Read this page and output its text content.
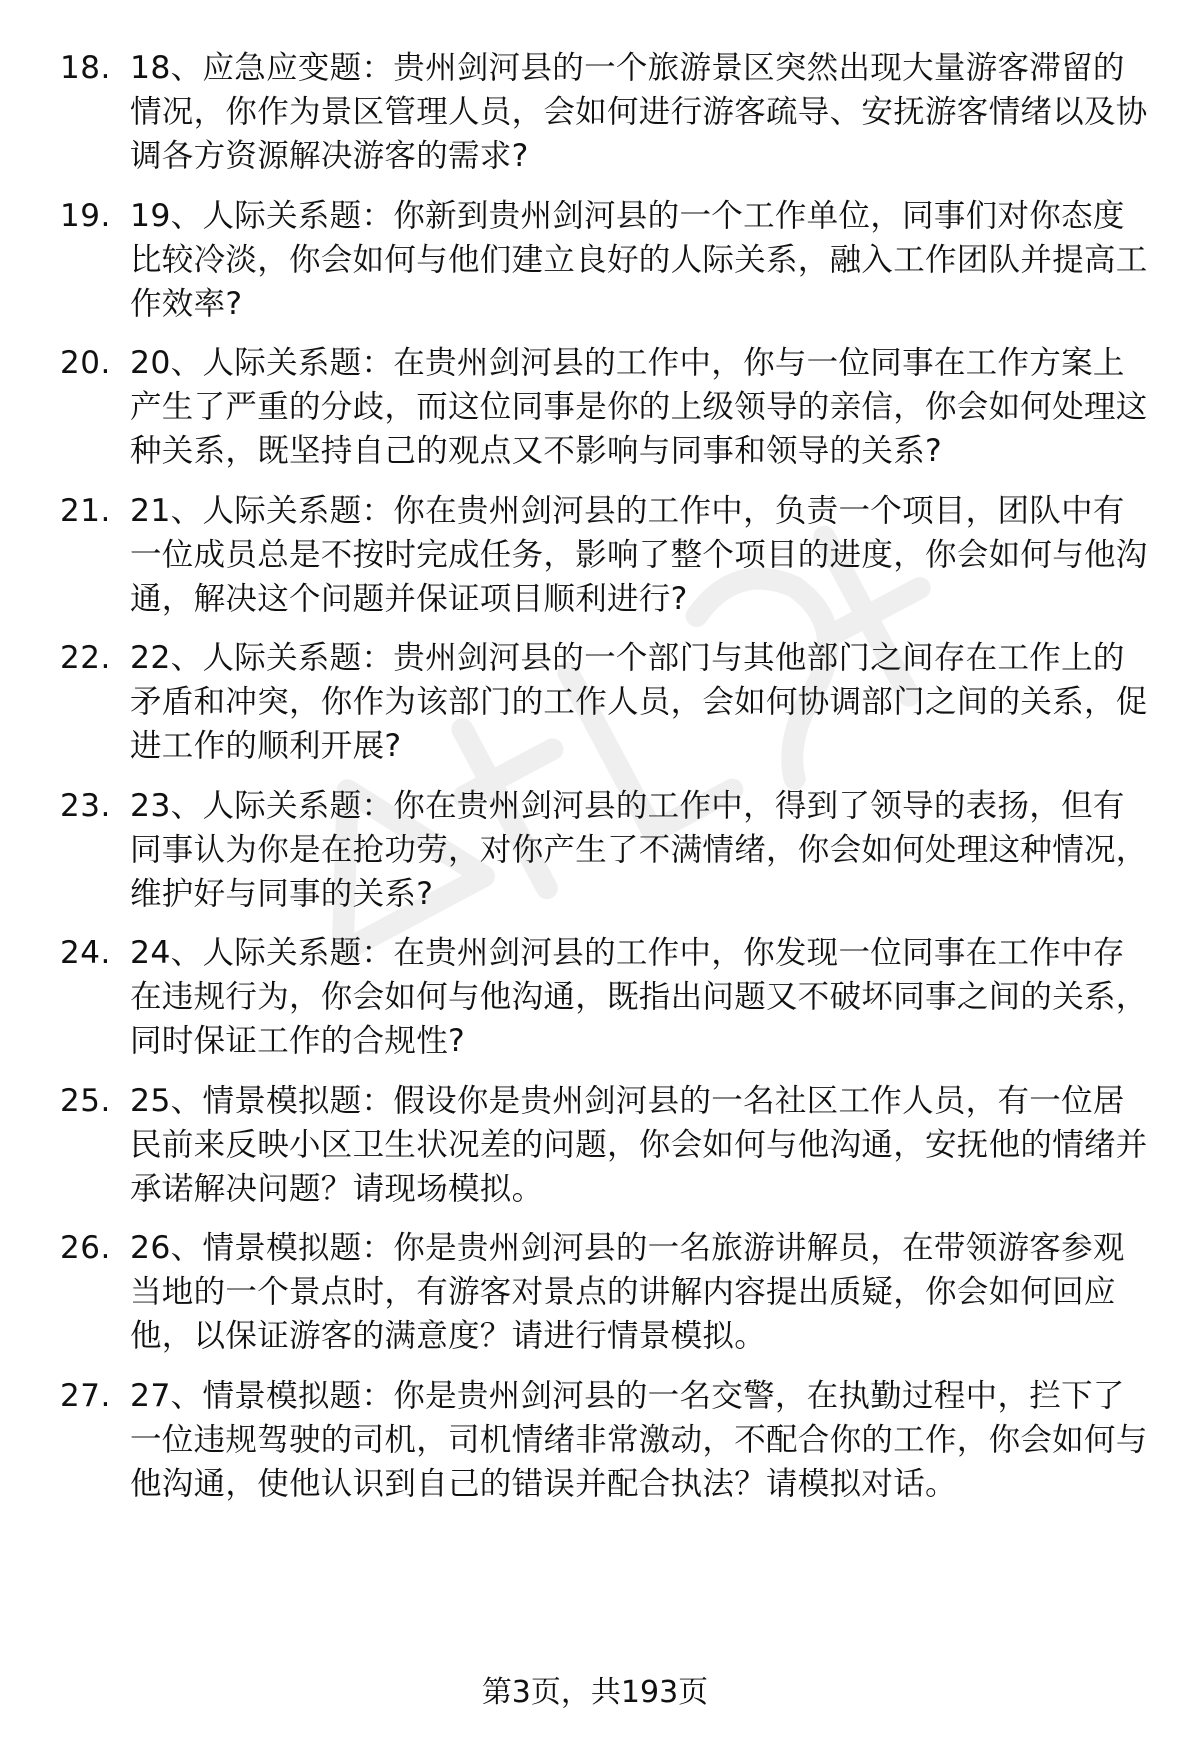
18. 18、应急应变题：贵州剑河县的一个旅游景区突然出现大量游客滞留的情况，你作为景区管理人员，会如何进行游客疏导、安抚游客情绪以及协调各方资源解决游客的需求?
19. 19、人际关系题：你新到贵州剑河县的一个工作单位，同事们对你态度比较冷淡，你会如何与他们建立良好的人际关系，融入工作团队并提高工作效率?
20. 20、人际关系题：在贵州剑河县的工作中，你与一位同事在工作方案上产生了严重的分歧，而这位同事是你的上级领导的亲信，你会如何处理这种关系，既坚持自己的观点又不影响与同事和领导的关系?
21. 21、人际关系题：你在贵州剑河县的工作中，负责一个项目，团队中有一位成员总是不按时完成任务，影响了整个项目的进度，你会如何与他沟通，解决这个问题并保证项目顺利进行?
22. 22、人际关系题：贵州剑河县的一个部门与其他部门之间存在工作上的矛盾和冲突，你作为该部门的工作人员，会如何协调部门之间的关系，促进工作的顺利开展?
23. 23、人际关系题：你在贵州剑河县的工作中，得到了领导的表扬，但有同事认为你是在抢功劳，对你产生了不满情绪，你会如何处理这种情况，维护好与同事的关系?
24. 24、人际关系题：在贵州剑河县的工作中，你发现一位同事在工作中存在违规行为，你会如何与他沟通，既指出问题又不破坏同事之间的关系，同时保证工作的合规性?
25. 25、情景模拟题：假设你是贵州剑河县的一名社区工作人员，有一位居民前来反映小区卫生状况差的问题，你会如何与他沟通，安抚他的情绪并承诺解决问题？请现场模拟。
26. 26、情景模拟题：你是贵州剑河县的一名旅游讲解员，在带领游客参观当地的一个景点时，有游客对景点的讲解内容提出质疑，你会如何回应他，以保证游客的满意度？请进行情景模拟。
27. 27、情景模拟题：你是贵州剑河县的一名交警，在执勤过程中，拦下了一位违规驾驶的司机，司机情绪非常激动，不配合你的工作，你会如何与他沟通，使他认识到自己的错误并配合执法？请模拟对话。
第3页，共193页
